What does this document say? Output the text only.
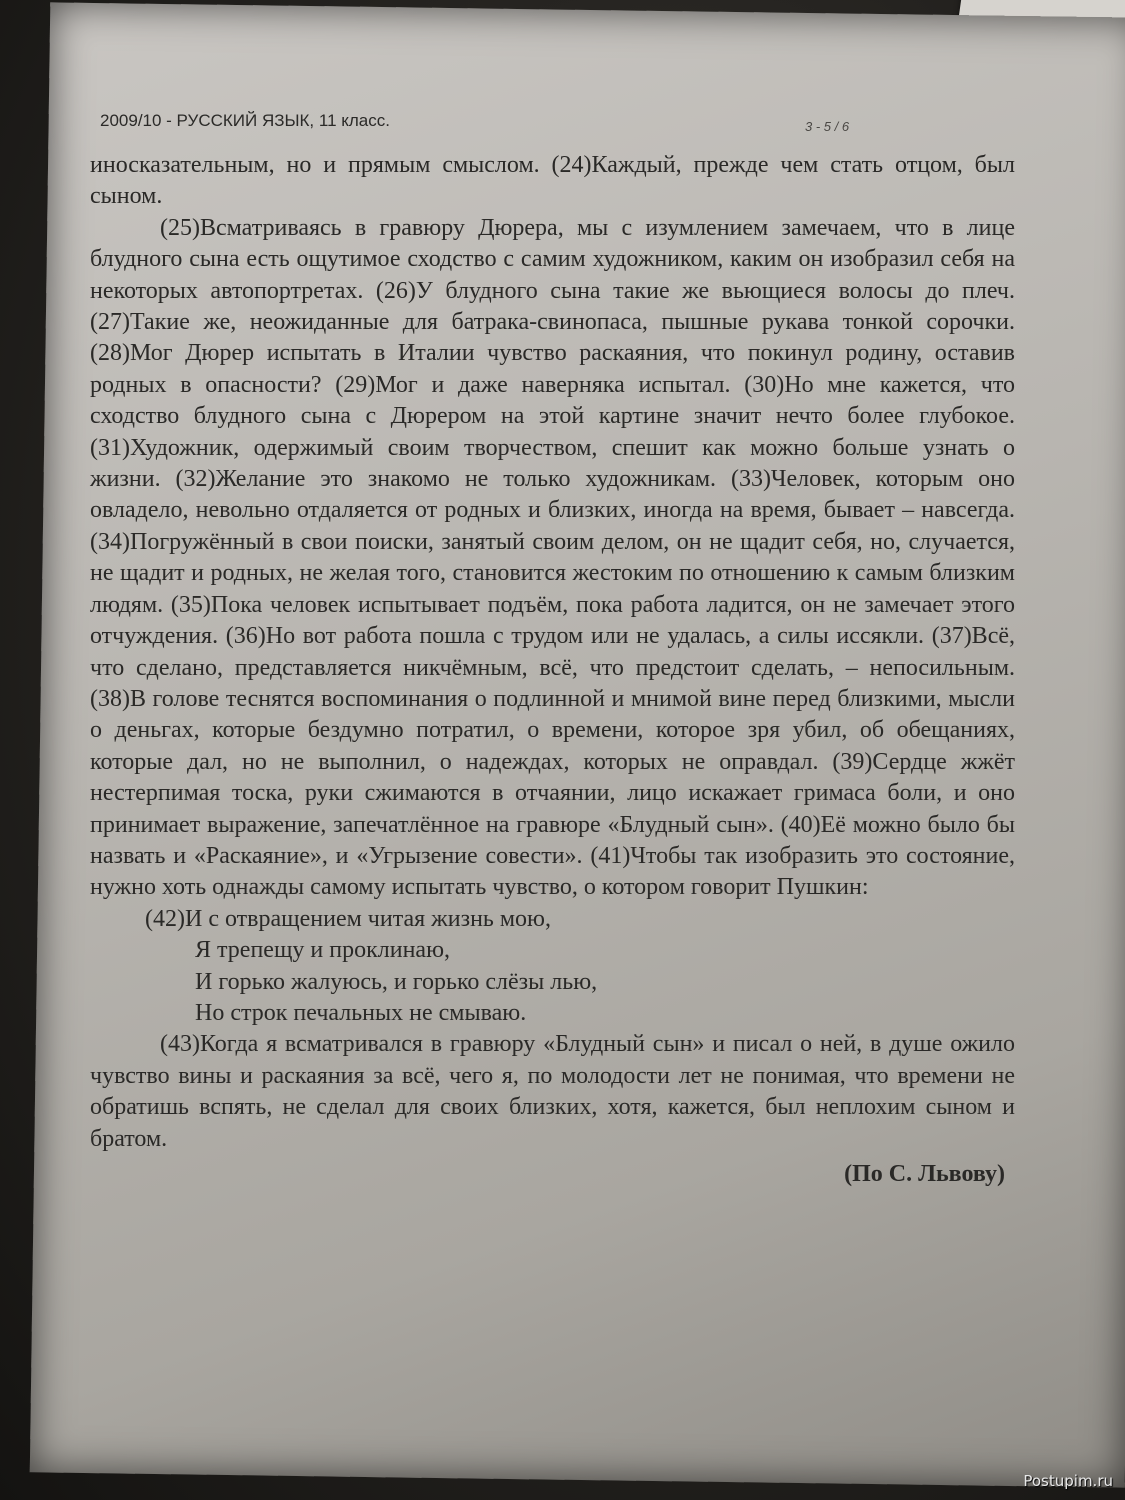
2009/10 - РУССКИЙ ЯЗЫК, 11 класс.	3 - 5 / 6

иносказательным, но и прямым смыслом. (24)Каждый, прежде чем стать отцом, был сыном.

(25)Всматриваясь в гравюру Дюрера, мы с изумлением замечаем, что в лице блудного сына есть ощутимое сходство с самим художником, каким он изобразил себя на некоторых автопортретах. (26)У блудного сына такие же вьющиеся волосы до плеч. (27)Такие же, неожиданные для батрака-свинопаса, пышные рукава тонкой сорочки. (28)Мог Дюрер испытать в Италии чувство раскаяния, что покинул родину, оставив родных в опасности? (29)Мог и даже наверняка испытал. (30)Но мне кажется, что сходство блудного сына с Дюрером на этой картине значит нечто более глубокое. (31)Художник, одержимый своим творчеством, спешит как можно больше узнать о жизни. (32)Желание это знакомо не только художникам. (33)Человек, которым оно овладело, невольно отдаляется от родных и близких, иногда на время, бывает – навсегда. (34)Погружённый в свои поиски, занятый своим делом, он не щадит себя, но, случается, не щадит и родных, не желая того, становится жестоким по отношению к самым близким людям. (35)Пока человек испытывает подъём, пока работа ладится, он не замечает этого отчуждения. (36)Но вот работа пошла с трудом или не удалась, а силы иссякли. (37)Всё, что сделано, представляется никчёмным, всё, что предстоит сделать, – непосильным. (38)В голове теснятся воспоминания о подлинной и мнимой вине перед близкими, мысли о деньгах, которые бездумно потратил, о времени, которое зря убил, об обещаниях, которые дал, но не выполнил, о надеждах, которых не оправдал. (39)Сердце жжёт нестерпимая тоска, руки сжимаются в отчаянии, лицо искажает гримаса боли, и оно принимает выражение, запечатлённое на гравюре «Блудный сын». (40)Её можно было бы назвать и «Раскаяние», и «Угрызение совести». (41)Чтобы так изобразить это состояние, нужно хоть однажды самому испытать чувство, о котором говорит Пушкин:

(42)И с отвращением читая жизнь мою,
Я трепещу и проклинаю,
И горько жалуюсь, и горько слёзы лью,
Но строк печальных не смываю.

(43)Когда я всматривался в гравюру «Блудный сын» и писал о ней, в душе ожило чувство вины и раскаяния за всё, чего я, по молодости лет не понимая, что времени не обратишь вспять, не сделал для своих близких, хотя, кажется, был неплохим сыном и братом.

(По С. Львову)
Postupim.ru
